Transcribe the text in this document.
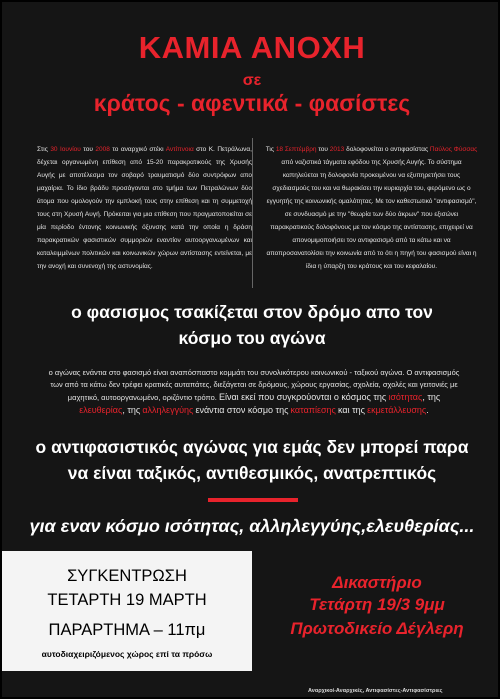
ΚΑΜΙΑ ΑΝΟΧΗ
σε
κράτος - αφεντικά - φασίστες
Στις 30 Ιουνίου του 2008 το αναρχικό στέκι Αντίπνοια στο Κ. Πετράλωνα, δέχεται οργανωμένη επίθεση από 15-20 παρακρατικούς της Χρυσής Αυγής με αποτέλεσμα τον σοβαρό τραυματισμό δύο συντρόφων απο μαχαίρια. Το ίδιο βράδυ προσάγονται στο τμήμα των Πετραλώνων δύο άτομα που ομολογούν την εμπλοκή τους στην επίθεση και τη συμμετοχή τους στη Χρυσή Αυγή. Πρόκειται για μια επίθεση που πραγματοποιείται σε μία περίοδο έντονης κοινωνικής όξυνσης κατά την οποία η δράση παρακρατικών φασιστικών συμμοριών εναντίον αυτοοργανωμένων και καταλειμμένων πολιτικών και κοινωνικών χώρων αντίστασης εντείνεται, με την ανοχή και συνενοχή της αστυνομίας.
Τις 18 Σεπτέμβρη του 2013 δολοφονείται ο αντιφασίστας Παύλος Φύσσας από ναζιστικά τάγματα εφόδου της Χρυσής Αυγής. Το σύστημα καπηλεύεται τη δολοφονία προκειμένου να εξυπηρετήσει τους σχεδιασμούς του και να θωρακίσει την κυριαρχία του, φερόμενο ως ο εγγυητής της κοινωνικής ομαλότητας. Με τον καθεστωτικό "αντιφασισμό", σε συνδυασμό με την "θεωρία των δύο άκρων" που εξισώνει παρακρατικούς δολοφόνους με τον κόσμο της αντίστασης, επιχειρεί να απονομιμοποιήσει τον αντιφασισμό από τα κάτω και να αποπροσανατολίσει την κοινωνία από το ότι η πηγή του φασισμού είναι η ίδια η ύπαρξη του κράτους και του κεφαλαίου.
ο φασισμος τσακίζεται στον δρόμο απο τον
κόσμο του αγώνα
ο αγώνας ενάντια στο φασισμό είναι αναπόσπαστο κομμάτι του συνολικότερου κοινωνικού - ταξικού αγώνα. Ο αντιφασισμός των από τα κάτω δεν τρέφει κρατικές αυταπάτες, διεξάγεται σε δρόμους, χώρους εργασίας, σχολεία, σχολές και γειτονιές με μαχητικό, αυτοοργανωμένο, οριζόντιο τρόπο. Είναι εκεί που συγκρούονται ο κόσμος της ισότητας, της ελευθερίας, της αλληλεγγύης ενάντια στον κόσμο της καταπίεσης και της εκμετάλλευσης.
ο αντιφασιστικός αγώνας για εμάς δεν μπορεί παρα
να είναι ταξικός, αντιθεσμικός, ανατρεπτικός
για εναν κόσμο ισότητας, αλληλεγγύης,ελευθερίας...
ΣΥΓΚΕΝΤΡΩΣΗ
ΤΕΤΑΡΤΗ 19 ΜΑΡΤΗ
ΠΑΡΑΡΤΗΜΑ – 11πμ
αυτοδιαχειριζόμενος χώρος επί τα πρόσω
Δικαστήριο
Τετάρτη 19/3 9μμ
Πρωτοδικείο Δέγλερη
Αναρχικοί-Αναρχικές, Αντιφασίστες-Αντιφασίστριες
